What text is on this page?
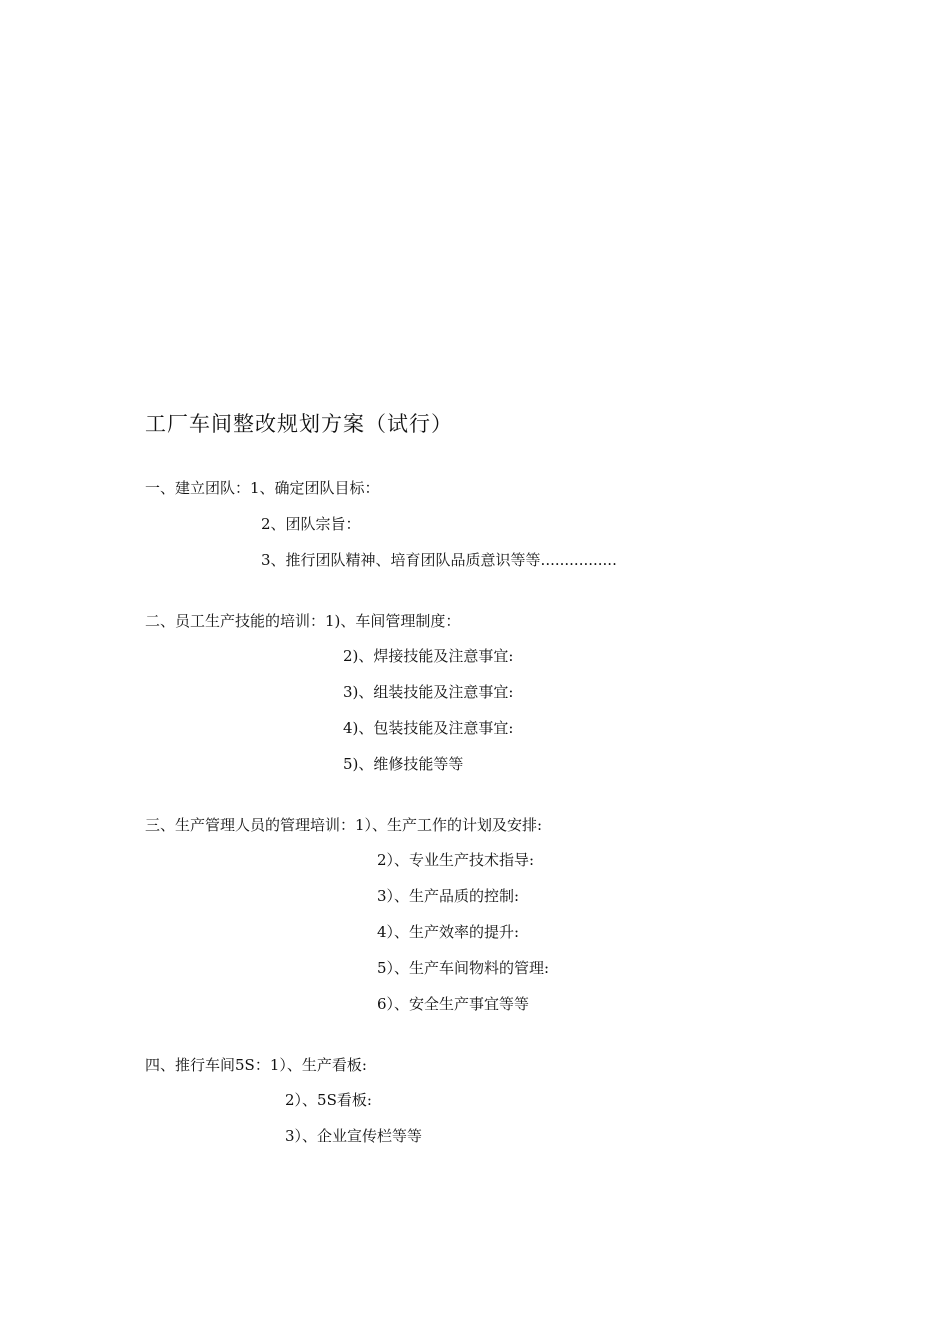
工厂车间整改规划方案（试行）
一、建立团队：1、确定团队目标：
2、团队宗旨：
3、推行团队精神、培育团队品质意识等等................
二、员工生产技能的培训：1)、车间管理制度：
2)、焊接技能及注意事宜:
3)、组装技能及注意事宜:
4)、包装技能及注意事宜:
5)、维修技能等等
三、生产管理人员的管理培训：1）、生产工作的计划及安排:
2）、专业生产技术指导:
3）、生产品质的控制:
4）、生产效率的提升:
5）、生产车间物料的管理:
6）、安全生产事宜等等
四、推行车间5S：1）、生产看板:
2）、5S看板:
3）、企业宣传栏等等
